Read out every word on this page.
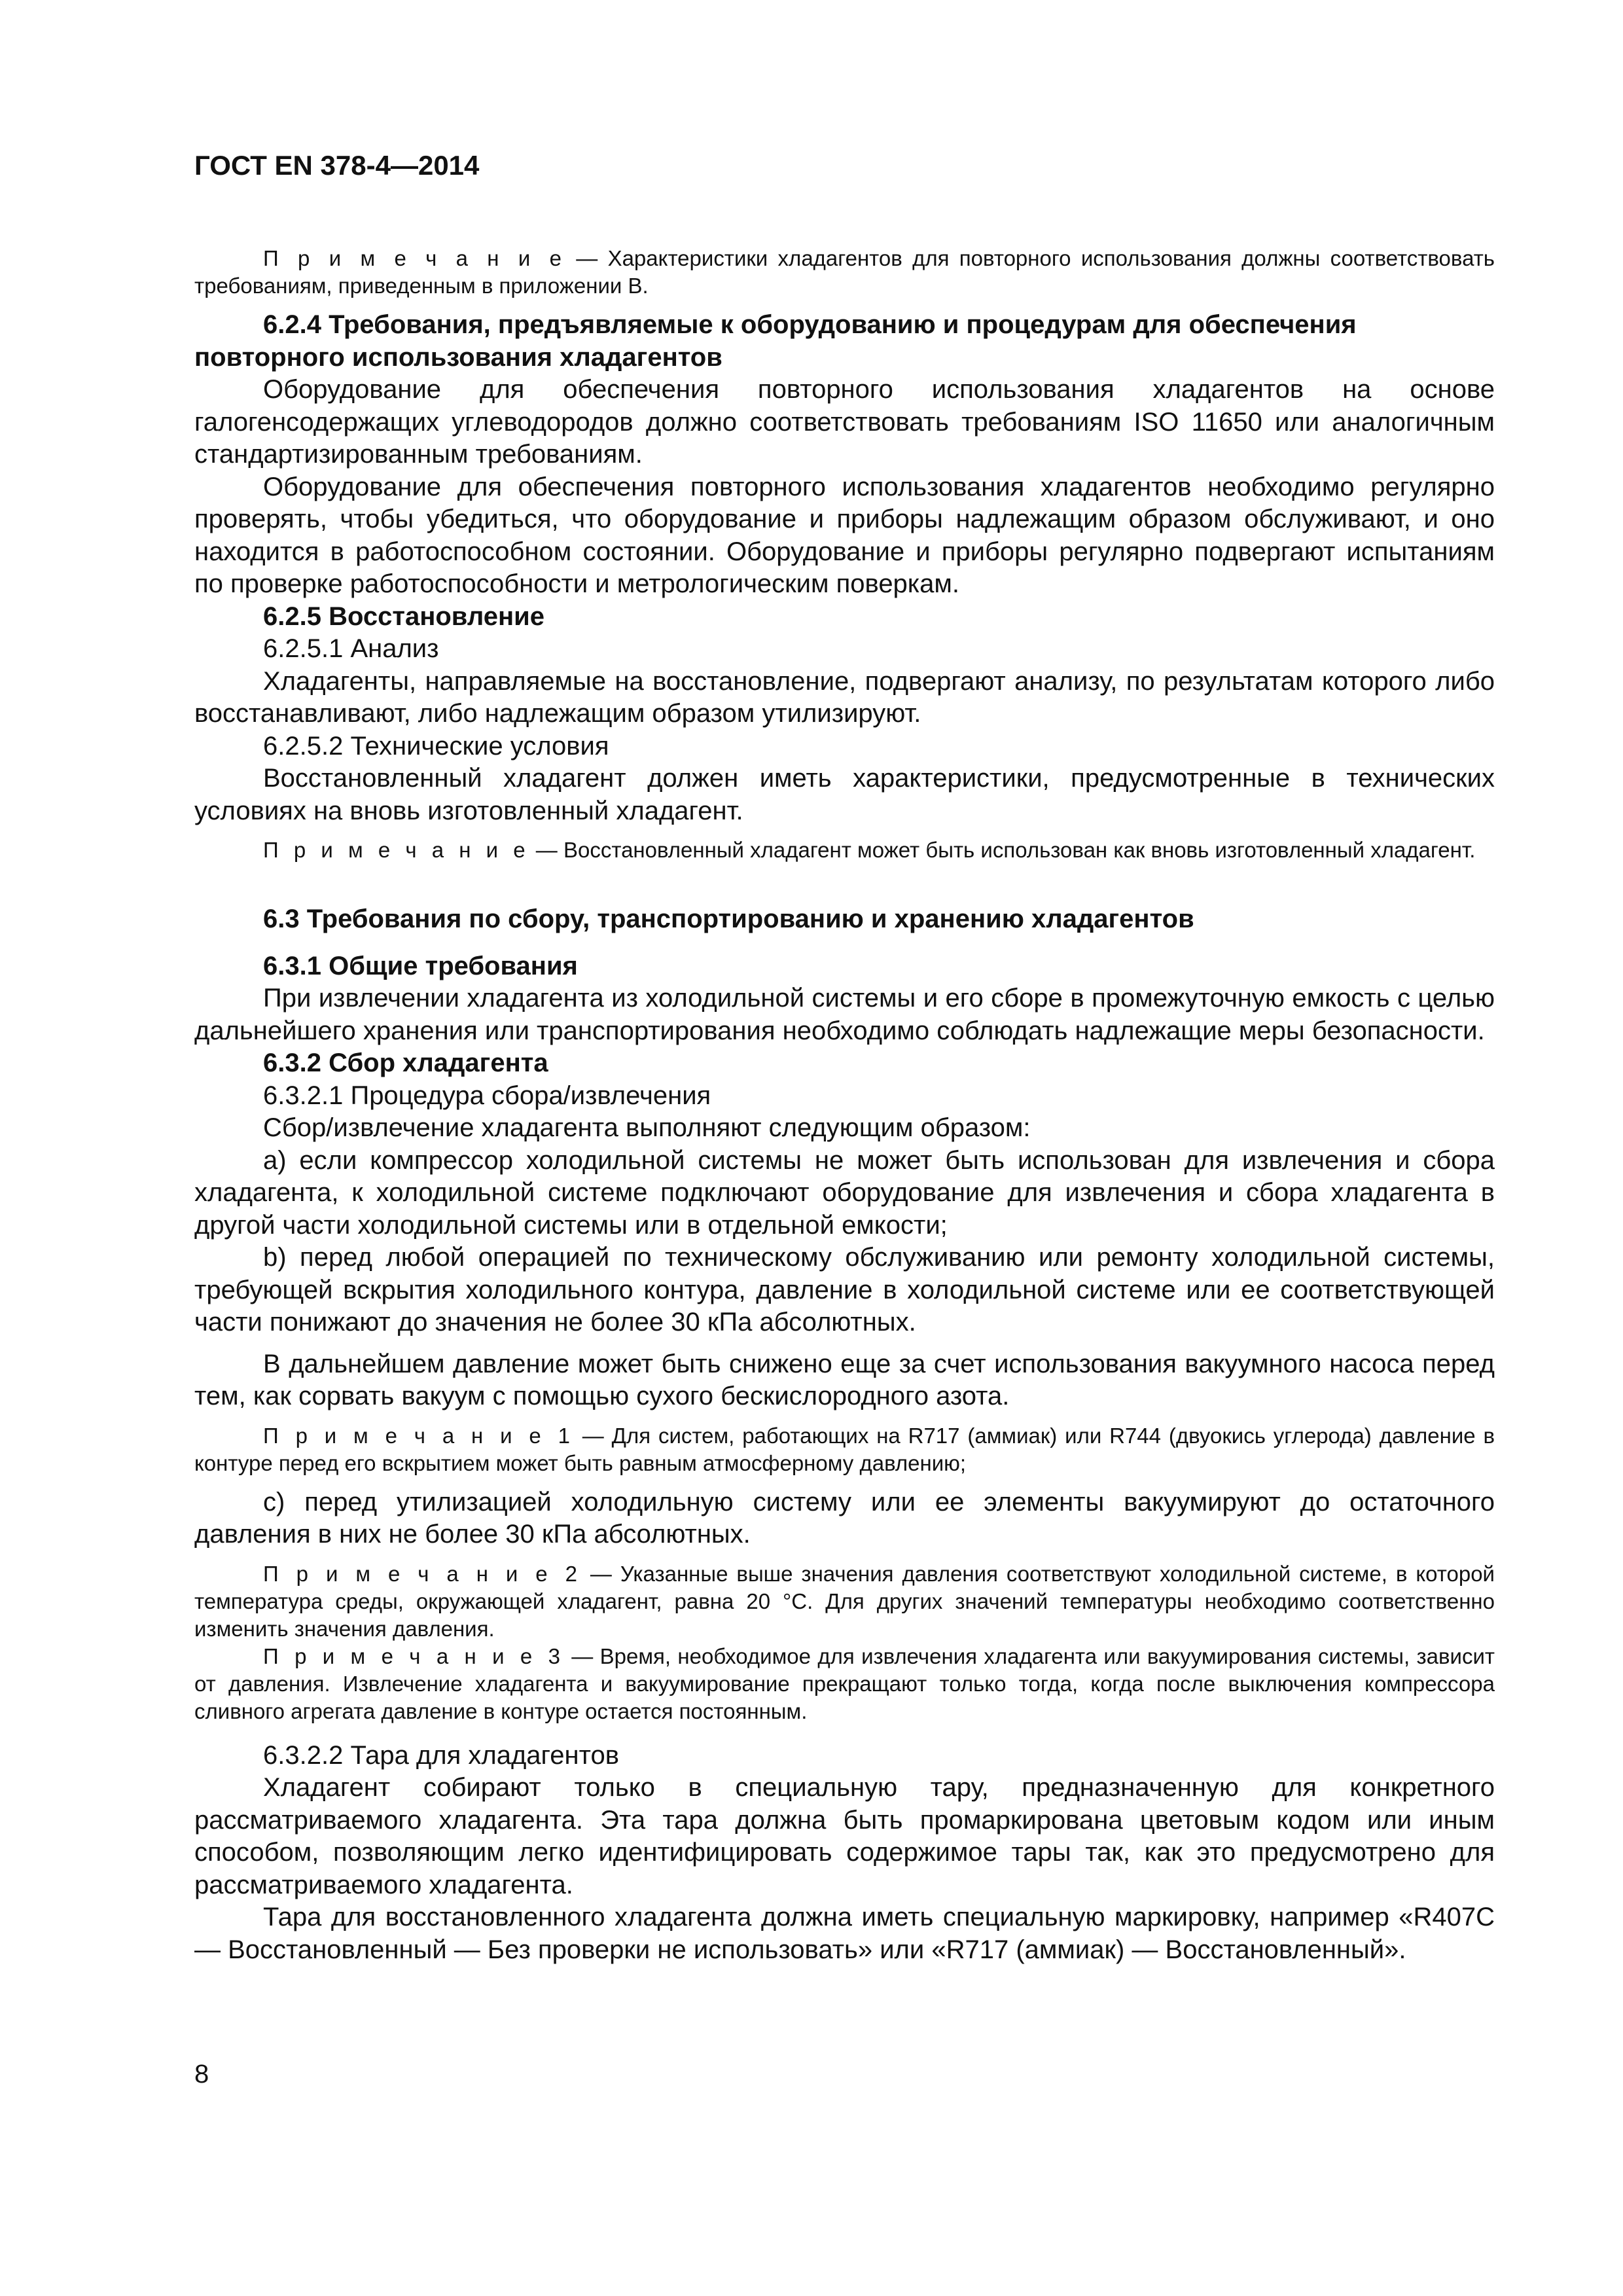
ГОСТ EN 378-4—2014

П р и м е ч а н и е — Характеристики хладагентов для повторного использования должны соответствовать требованиям, приведенным в приложении В.

6.2.4 Требования, предъявляемые к оборудованию и процедурам для обеспечения повторного использования хладагентов

Оборудование для обеспечения повторного использования хладагентов на основе галогенсодержащих углеводородов должно соответствовать требованиям ISO 11650 или аналогичным стандартизированным требованиям.

Оборудование для обеспечения повторного использования хладагентов необходимо регулярно проверять, чтобы убедиться, что оборудование и приборы надлежащим образом обслуживают, и оно находится в работоспособном состоянии. Оборудование и приборы регулярно подвергают испытаниям по проверке работоспособности и метрологическим поверкам.

6.2.5 Восстановление

6.2.5.1 Анализ

Хладагенты, направляемые на восстановление, подвергают анализу, по результатам которого либо восстанавливают, либо надлежащим образом утилизируют.

6.2.5.2 Технические условия

Восстановленный хладагент должен иметь характеристики, предусмотренные в технических условиях на вновь изготовленный хладагент.

П р и м е ч а н и е — Восстановленный хладагент может быть использован как вновь изготовленный хладагент.

6.3 Требования по сбору, транспортированию и хранению хладагентов

6.3.1 Общие требования

При извлечении хладагента из холодильной системы и его сборе в промежуточную емкость с целью дальнейшего хранения или транспортирования необходимо соблюдать надлежащие меры безопасности.

6.3.2 Сбор хладагента

6.3.2.1 Процедура сбора/извлечения

Сбор/извлечение хладагента выполняют следующим образом:

a) если компрессор холодильной системы не может быть использован для извлечения и сбора хладагента, к холодильной системе подключают оборудование для извлечения и сбора хладагента в другой части холодильной системы или в отдельной емкости;

b) перед любой операцией по техническому обслуживанию или ремонту холодильной системы, требующей вскрытия холодильного контура, давление в холодильной системе или ее соответствующей части понижают до значения не более 30 кПа абсолютных.

В дальнейшем давление может быть снижено еще за счет использования вакуумного насоса перед тем, как сорвать вакуум с помощью сухого бескислородного азота.

П р и м е ч а н и е 1 — Для систем, работающих на R717 (аммиак) или R744 (двуокись углерода) давление в контуре перед его вскрытием может быть равным атмосферному давлению;

c) перед утилизацией холодильную систему или ее элементы вакуумируют до остаточного давления в них не более 30 кПа абсолютных.

П р и м е ч а н и е 2 — Указанные выше значения давления соответствуют холодильной системе, в которой температура среды, окружающей хладагент, равна 20 °С. Для других значений температуры необходимо соответственно изменить значения давления.

П р и м е ч а н и е 3 — Время, необходимое для извлечения хладагента или вакуумирования системы, зависит от давления. Извлечение хладагента и вакуумирование прекращают только тогда, когда после выключения компрессора сливного агрегата давление в контуре остается постоянным.

6.3.2.2 Тара для хладагентов

Хладагент собирают только в специальную тару, предназначенную для конкретного рассматриваемого хладагента. Эта тара должна быть промаркирована цветовым кодом или иным способом, позволяющим легко идентифицировать содержимое тары так, как это предусмотрено для рассматриваемого хладагента.

Тара для восстановленного хладагента должна иметь специальную маркировку, например «R407C — Восстановленный — Без проверки не использовать» или «R717 (аммиак) — Восстановленный».

8
